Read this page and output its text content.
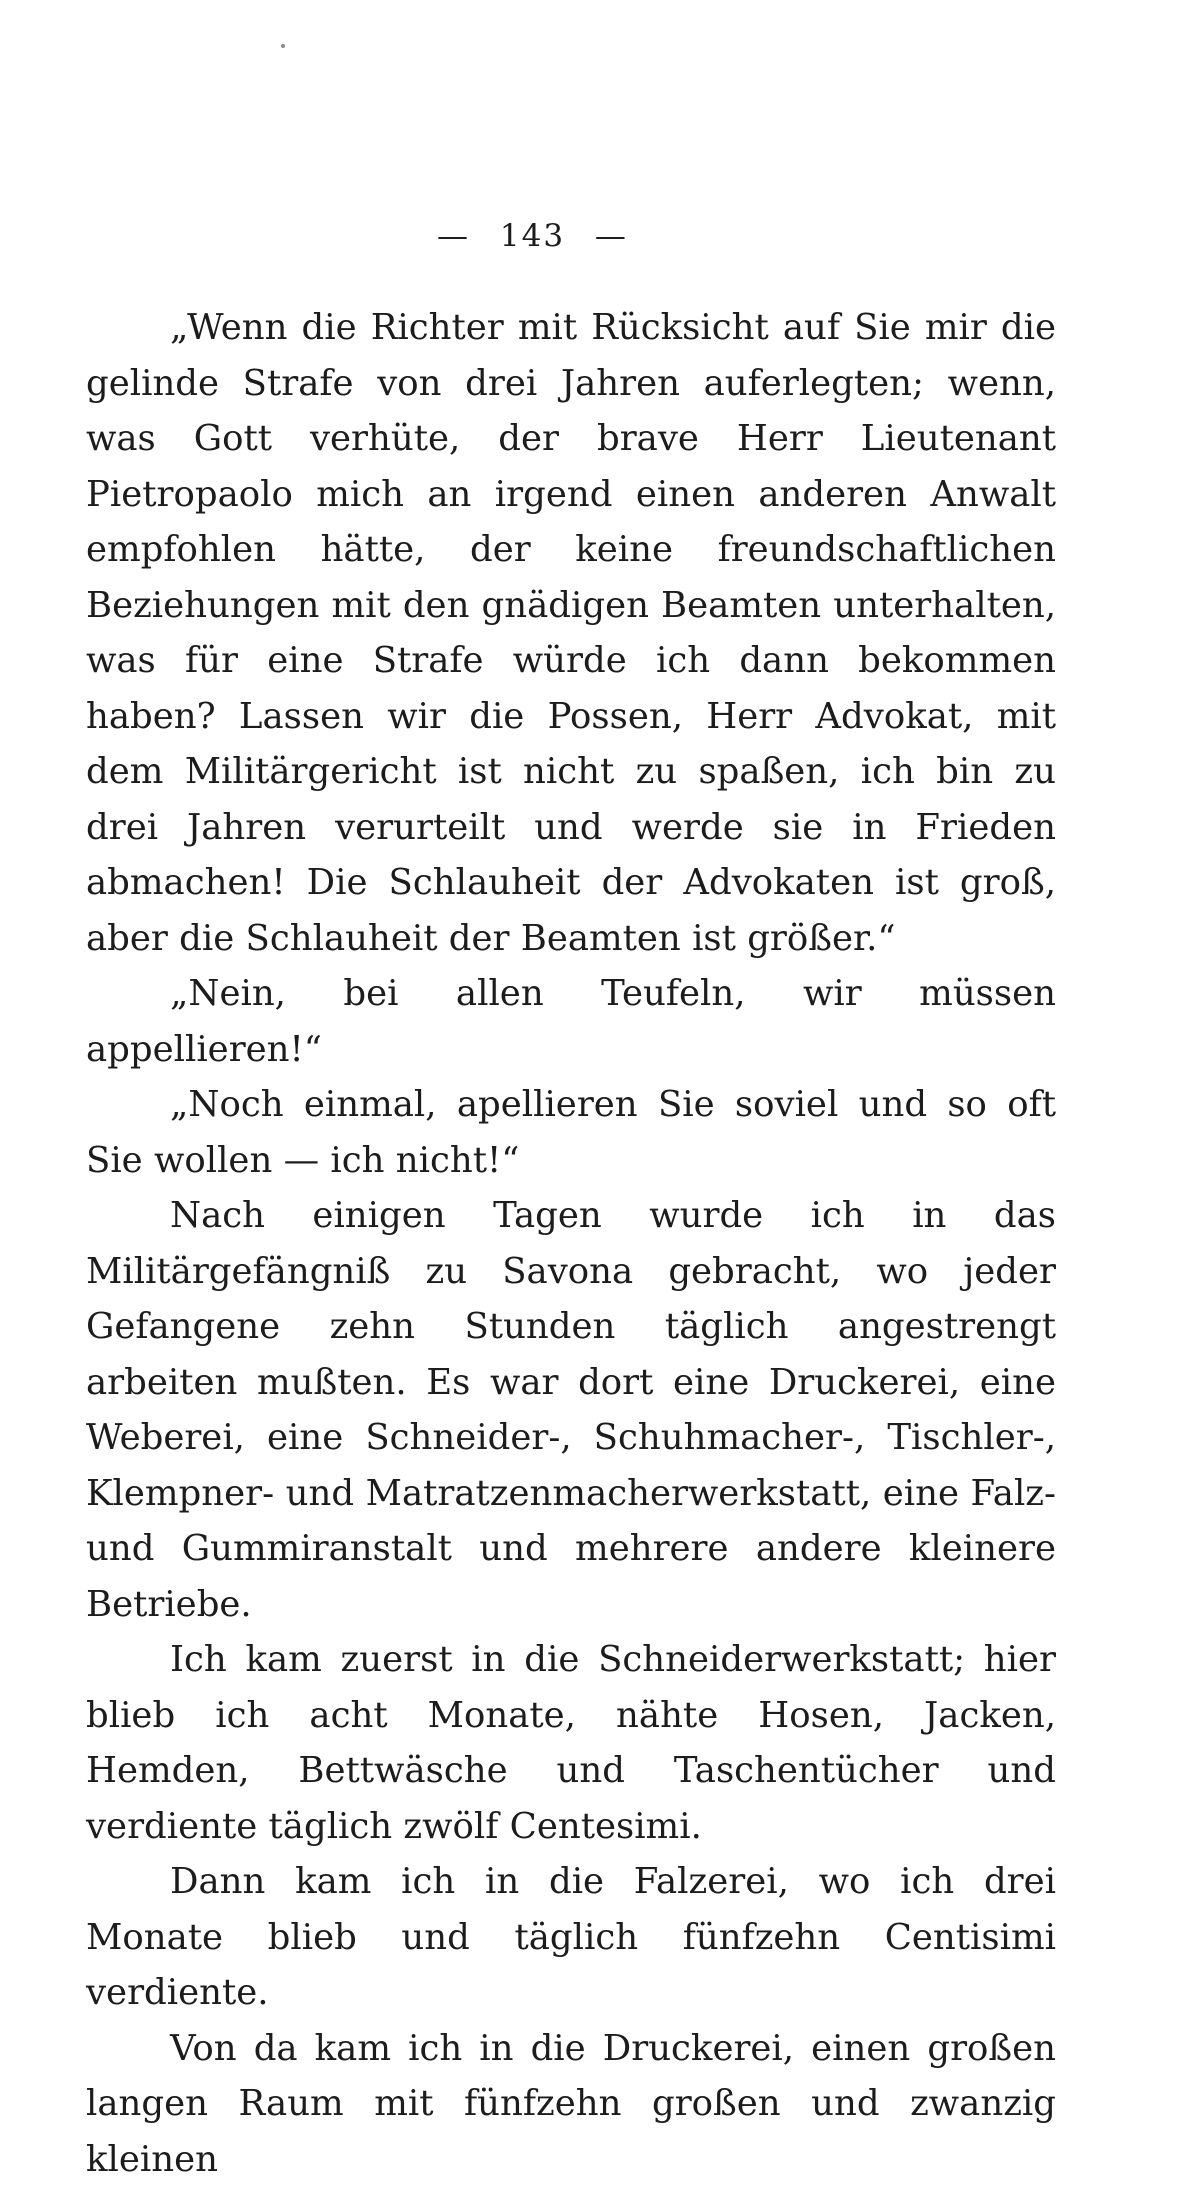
— 143 —

„Wenn die Richter mit Rücksicht auf Sie mir die gelinde Strafe von drei Jahren auferlegten; wenn, was Gott verhüte, der brave Herr Lieutenant Pietropaolo mich an irgend einen anderen Anwalt empfohlen hätte, der keine freundschaftlichen Beziehungen mit den gnädigen Beamten unterhalten, was für eine Strafe würde ich dann bekommen haben? Lassen wir die Possen, Herr Advokat, mit dem Militärgericht ist nicht zu spaßen, ich bin zu drei Jahren verurteilt und werde sie in Frieden abmachen! Die Schlauheit der Advokaten ist groß, aber die Schlauheit der Beamten ist größer.“

„Nein, bei allen Teufeln, wir müssen appellieren!“

„Noch einmal, apellieren Sie soviel und so oft Sie wollen — ich nicht!“

Nach einigen Tagen wurde ich in das Militärgefängniß zu Savona gebracht, wo jeder Gefangene zehn Stunden täglich angestrengt arbeiten mußten. Es war dort eine Druckerei, eine Weberei, eine Schneider-, Schuhmacher-, Tischler-, Klempner- und Matratzenmacherwerkstatt, eine Falz- und Gummiranstalt und mehrere andere kleinere Betriebe.

Ich kam zuerst in die Schneiderwerkstatt; hier blieb ich acht Monate, nähte Hosen, Jacken, Hemden, Bettwäsche und Taschentücher und verdiente täglich zwölf Centesimi.

Dann kam ich in die Falzerei, wo ich drei Monate blieb und täglich fünfzehn Centisimi verdiente.

Von da kam ich in die Druckerei, einen großen langen Raum mit fünfzehn großen und zwanzig kleinen
